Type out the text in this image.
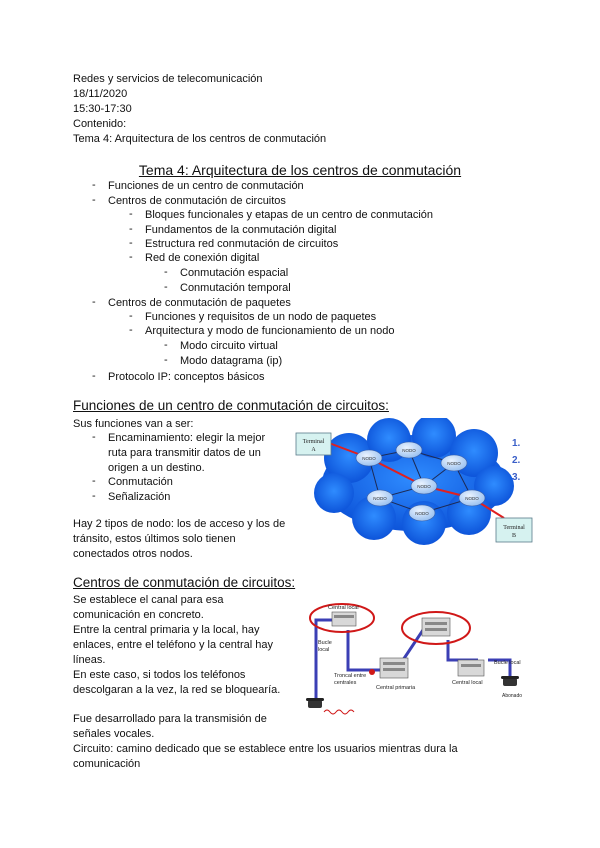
Redes y servicios de telecomunicación
18/11/2020
15:30-17:30
Contenido:
Tema 4: Arquitectura de los centros de conmutación
Tema 4: Arquitectura de los centros de conmutación
- Funciones de un centro de conmutación
- Centros de conmutación de circuitos
- Bloques funcionales y etapas de un centro de conmutación
- Fundamentos de la conmutación digital
- Estructura red conmutación de circuitos
- Red de conexión digital
- Conmutación espacial
- Conmutación temporal
- Centros de conmutación de paquetes
- Funciones y requisitos de un nodo de paquetes
- Arquitectura y modo de funcionamiento de un nodo
- Modo circuito virtual
- Modo datagrama (ip)
- Protocolo IP: conceptos básicos
Funciones de un centro de conmutación de circuitos:
Sus funciones van a ser:
- Encaminamiento: elegir la mejor
ruta para transmitir datos de un
origen a un destino.
- Conmutación
- Señalización
Hay 2 tipos de nodo: los de acceso y los de
tránsito, estos últimos solo tienen
conectados otros nodos.
NODO
NODO
NODO
NODO
NODO
NODO
NODO
Terminal
A
Terminal
B
1.
2.
3.
Centros de conmutación de circuitos:
Se establece el canal para esa
comunicación en concreto.
Entre la central primaria y la local, hay
enlaces, entre el teléfono y la central hay
líneas.
En este caso, si todos los teléfonos
descolgaran a la vez, la red se bloquearía.
Fue desarrollado para la transmisión de
señales vocales.
Circuito: camino dedicado que se establece entre los usuarios mientras dura la
comunicación
Central local
Bucle
local
Troncal entre
centrales
Central primaria
Central local
Bucle local
Abonado
